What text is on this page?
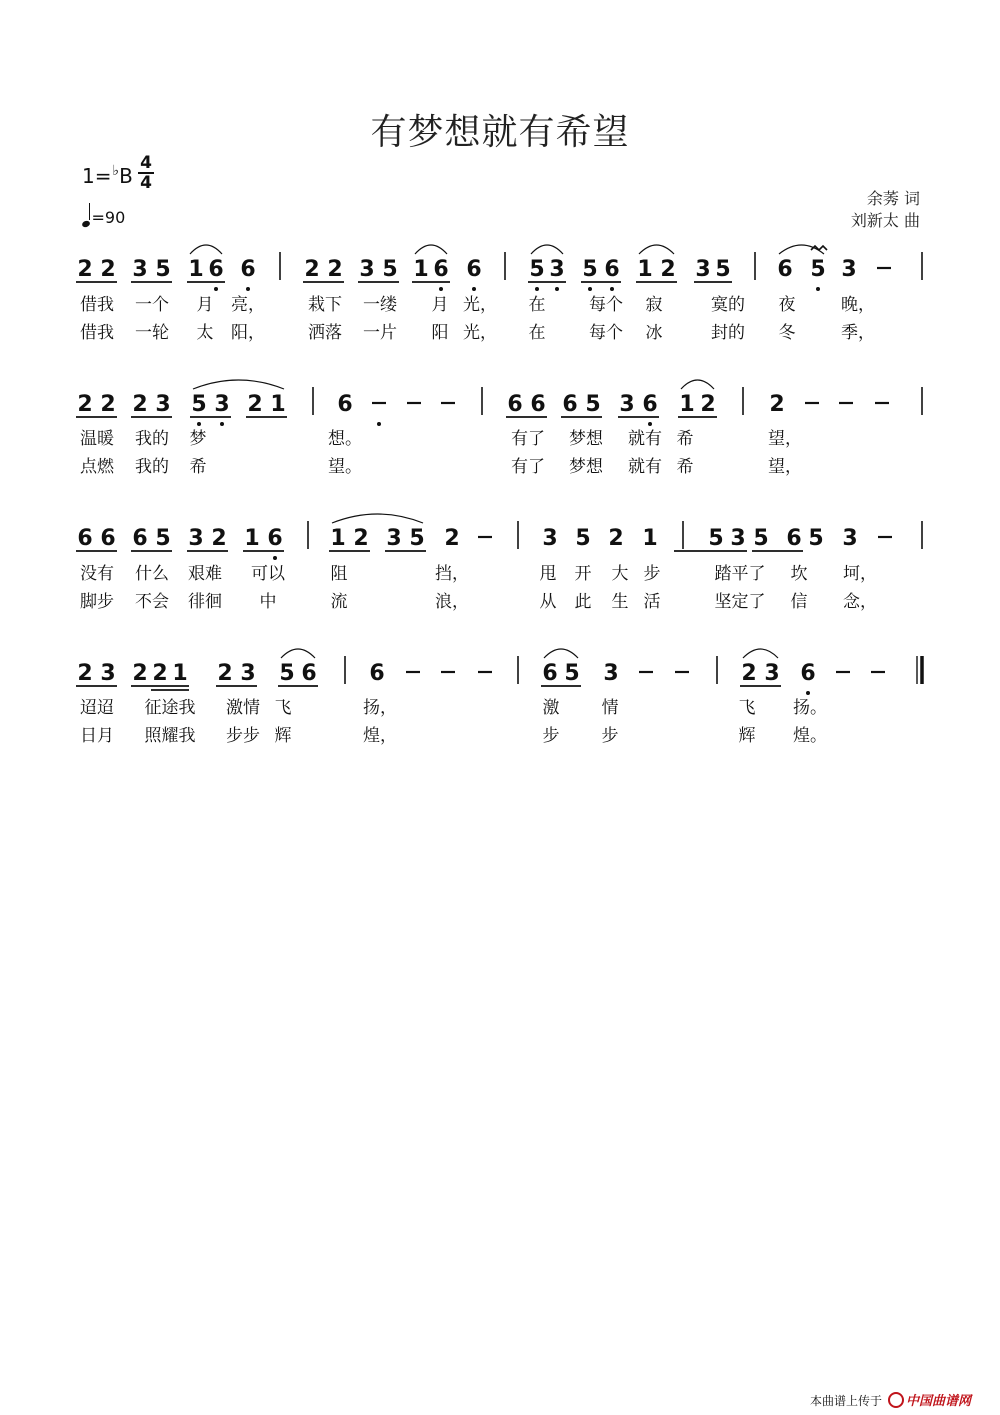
有梦想就有希望
1=♭B
4
4
=90
余莠 词
刘新太 曲
2 2 3 5 1 6 6 2 2 3 5 1 6 6 5 3 5 6 1 2 3 5 6 5 3
借我 一个 月 亮，	栽下 一缕 月 光， 在	每个 寂	寞的 夜	晚，
借我 一轮 太 阳，	洒落 一片 阳 光， 在	每个 冰	封的 冬	季，
2 2 2 3 5 3 2 1 6	6 6 6 5 3 6 1 2 2
温暖 我的 梦	想。	有了 梦想 就有 希	望，
点燃 我的 希	望。	有了 梦想 就有 希	望，
6 6 6 5 3 2 1 6 1 2 3 5 2	3 5 2 1 5 3 5 6 5 3
没有 什么 艰难 可以	阻	挡，	甩 开 大 步	踏平了 坎 坷，
脚步 不会 徘徊 中	流	浪，	从 此 生 活	坚定了 信 念，
2 3 2 2 1 2 3 5 6 6	6 5 3	2 3 6
迢迢 征途我 激情 飞	扬，	激 情	飞 扬。
日月 照耀我 步步 辉	煌，	步 步	辉 煌。
本曲谱上传于 中国曲谱网
